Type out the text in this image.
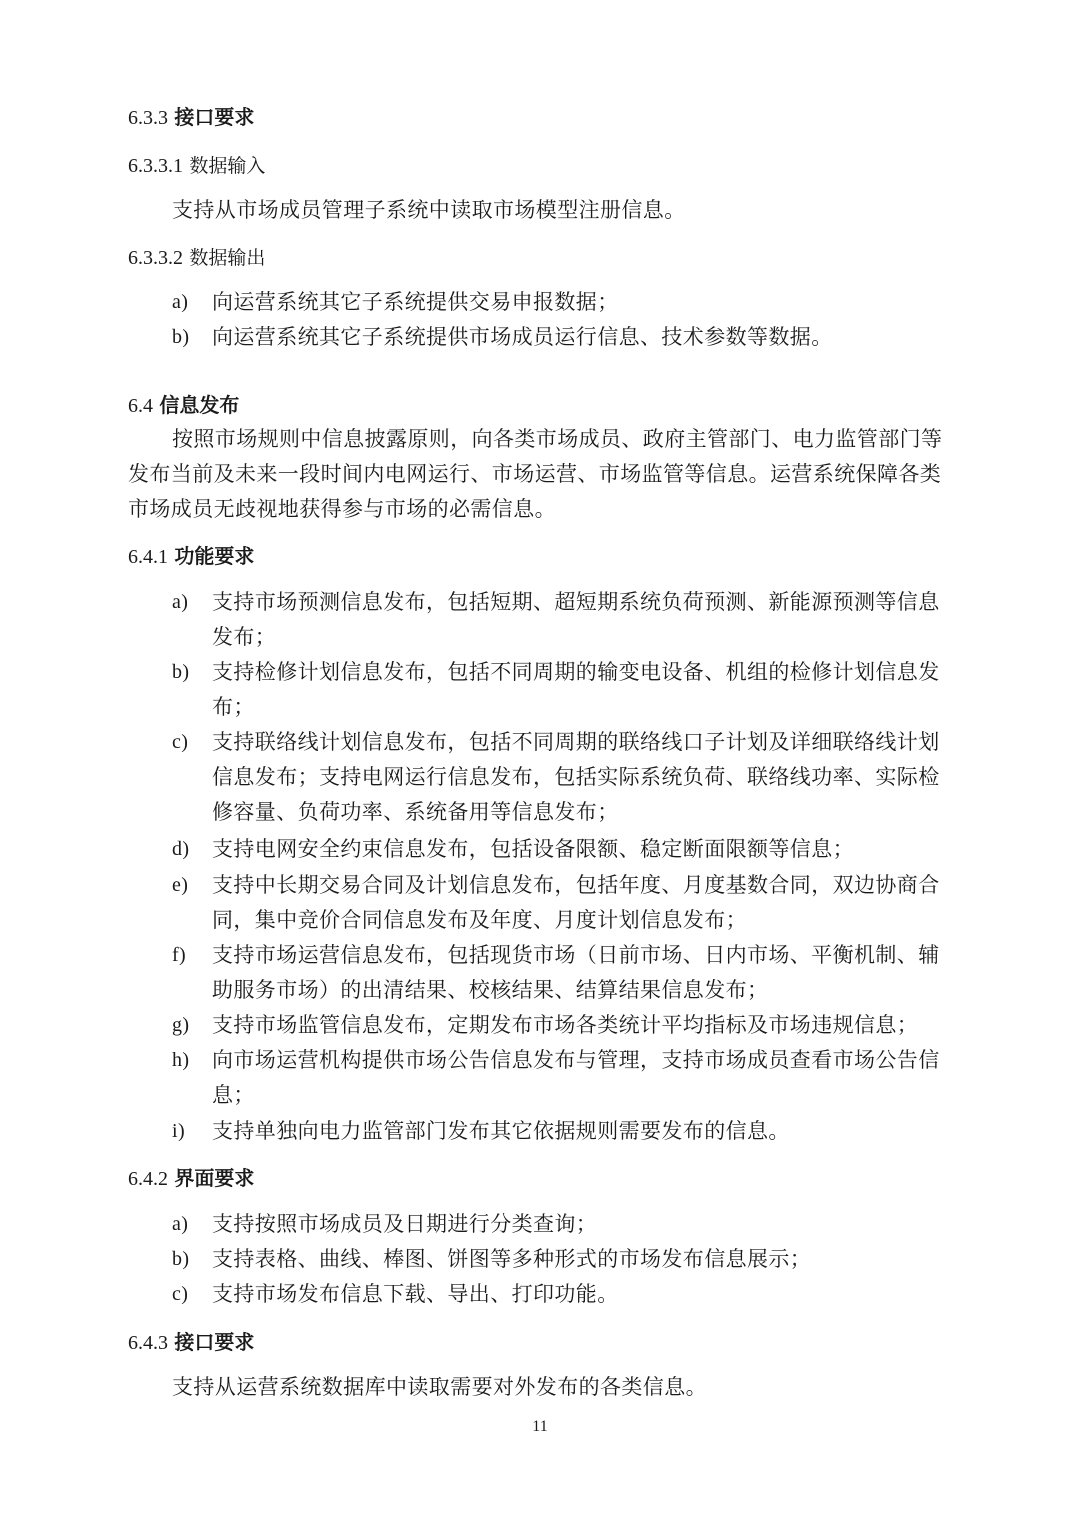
6.3.3 接口要求
6.3.3.1 数据输入
支持从市场成员管理子系统中读取市场模型注册信息。
6.3.3.2 数据输出
a) 向运营系统其它子系统提供交易申报数据；
b) 向运营系统其它子系统提供市场成员运行信息、技术参数等数据。
6.4 信息发布
按照市场规则中信息披露原则，向各类市场成员、政府主管部门、电力监管部门等
发布当前及未来一段时间内电网运行、市场运营、市场监管等信息。运营系统保障各类
市场成员无歧视地获得参与市场的必需信息。
6.4.1 功能要求
a) 支持市场预测信息发布，包括短期、超短期系统负荷预测、新能源预测等信息
发布；
b) 支持检修计划信息发布，包括不同周期的输变电设备、机组的检修计划信息发
布；
c) 支持联络线计划信息发布，包括不同周期的联络线口子计划及详细联络线计划
信息发布；支持电网运行信息发布，包括实际系统负荷、联络线功率、实际检
修容量、负荷功率、系统备用等信息发布；
d) 支持电网安全约束信息发布，包括设备限额、稳定断面限额等信息；
e) 支持中长期交易合同及计划信息发布，包括年度、月度基数合同，双边协商合
同，集中竞价合同信息发布及年度、月度计划信息发布；
f) 支持市场运营信息发布，包括现货市场（日前市场、日内市场、平衡机制、辅
助服务市场）的出清结果、校核结果、结算结果信息发布；
g) 支持市场监管信息发布，定期发布市场各类统计平均指标及市场违规信息；
h) 向市场运营机构提供市场公告信息发布与管理，支持市场成员查看市场公告信
息；
i) 支持单独向电力监管部门发布其它依据规则需要发布的信息。
6.4.2 界面要求
a) 支持按照市场成员及日期进行分类查询；
b) 支持表格、曲线、棒图、饼图等多种形式的市场发布信息展示；
c) 支持市场发布信息下载、导出、打印功能。
6.4.3 接口要求
支持从运营系统数据库中读取需要对外发布的各类信息。
11
